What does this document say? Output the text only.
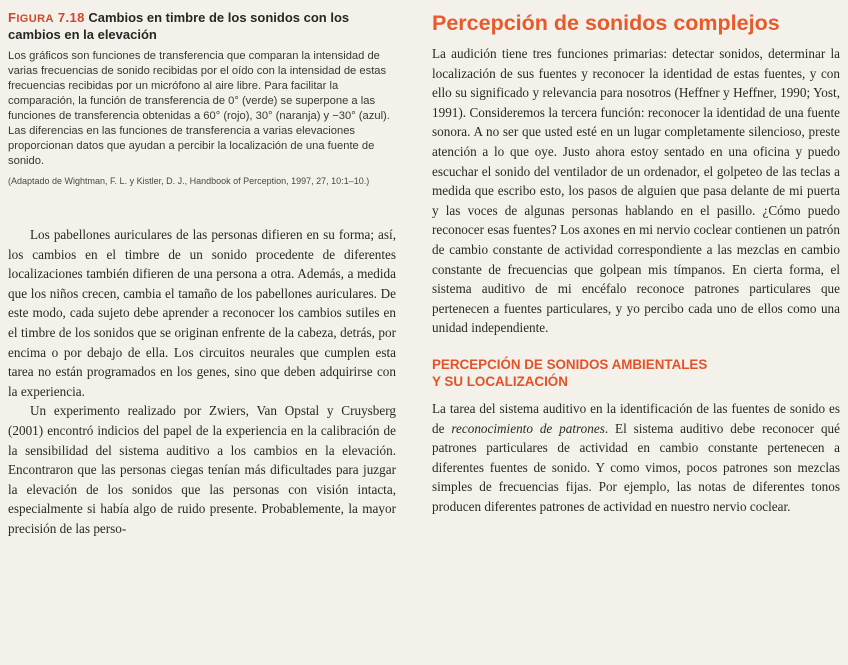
FIGURA 7.18 Cambios en timbre de los sonidos con los cambios en la elevación
Los gráficos son funciones de transferencia que comparan la intensidad de varias frecuencias de sonido recibidas por el oído con la intensidad de estas frecuencias recibidas por un micrófono al aire libre. Para facilitar la comparación, la función de transferencia de 0° (verde) se superpone a las funciones de transferencia obtenidas a 60° (rojo), 30° (naranja) y −30° (azul). Las diferencias en las funciones de transferencia a varias elevaciones proporcionan datos que ayudan a percibir la localización de una fuente de sonido.
(Adaptado de Wightman, F. L. y Kistler, D. J., Handbook of Perception, 1997, 27, 10:1–10.)

Los pabellones auriculares de las personas difieren en su forma; así, los cambios en el timbre de un sonido procedente de diferentes localizaciones también difieren de una persona a otra. Además, a medida que los niños crecen, cambia el tamaño de los pabellones auriculares. De este modo, cada sujeto debe aprender a reconocer los cambios sutiles en el timbre de los sonidos que se originan enfrente de la cabeza, detrás, por encima o por debajo de ella. Los circuitos neurales que cumplen esta tarea no están programados en los genes, sino que deben adquirirse con la experiencia.

Un experimento realizado por Zwiers, Van Opstal y Cruysberg (2001) encontró indicios del papel de la experiencia en la calibración de la sensibilidad del sistema auditivo a los cambios en la elevación. Encontraron que las personas ciegas tenían más dificultades para juzgar la elevación de los sonidos que las personas con visión intacta, especialmente si había algo de ruido presente. Probablemente, la mayor precisión de las perso-

Percepción de sonidos complejos

La audición tiene tres funciones primarias: detectar sonidos, determinar la localización de sus fuentes y reconocer la identidad de estas fuentes, y con ello su significado y relevancia para nosotros (Heffner y Heffner, 1990; Yost, 1991). Consideremos la tercera función: reconocer la identidad de una fuente sonora. A no ser que usted esté en un lugar completamente silencioso, preste atención a lo que oye. Justo ahora estoy sentado en una oficina y puedo escuchar el sonido del ventilador de un ordenador, el golpeteo de las teclas a medida que escribo esto, los pasos de alguien que pasa delante de mi puerta y las voces de algunas personas hablando en el pasillo. ¿Cómo puedo reconocer esas fuentes? Los axones en mi nervio coclear contienen un patrón de cambio constante de actividad correspondiente a las mezclas en cambio constante de frecuencias que golpean mis tímpanos. En cierta forma, el sistema auditivo de mi encéfalo reconoce patrones particulares que pertenecen a fuentes particulares, y yo percibo cada uno de ellos como una unidad independiente.

PERCEPCIÓN DE SONIDOS AMBIENTALES
Y SU LOCALIZACIÓN

La tarea del sistema auditivo en la identificación de las fuentes de sonido es de reconocimiento de patrones. El sistema auditivo debe reconocer qué patrones particulares de actividad en cambio constante pertenecen a diferentes fuentes de sonido. Y como vimos, pocos patrones son mezclas simples de frecuencias fijas. Por ejemplo, las notas de diferentes tonos producen diferentes patrones de actividad en nuestro nervio coclear.
